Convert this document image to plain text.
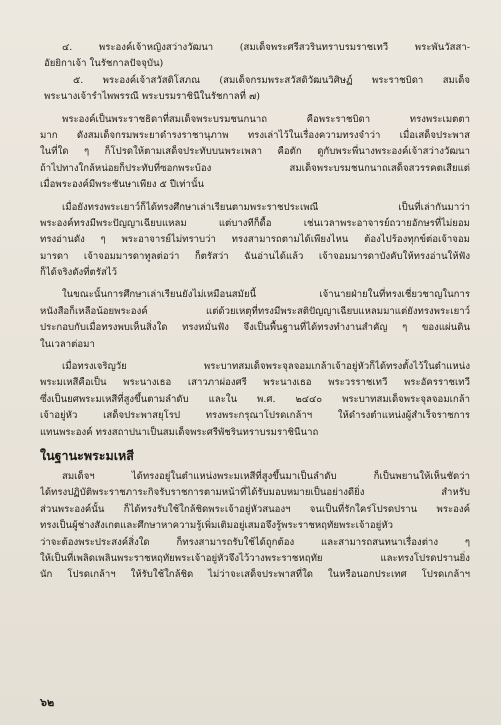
๔. พระองค์เจ้าหญิงสว่างวัฒนา (สมเด็จพระศรีสวรินทราบรมราชเทวี พระพันวัสสา-
อัยยิกาเจ้า ในรัชกาลปัจจุบัน)
๕. พระองค์เจ้าสวัสดิโสภณ (สมเด็จกรมพระสวัสดิวัฒนวิศิษฏ์ พระราชบิดา สมเด็จ
พระนางเจ้ารำไพพรรณี พระบรมราชินีในรัชกาลที่ ๗)
พระองค์เป็นพระราชธิดาที่สมเด็จพระบรมชนกนาถ คือพระราชบิดา ทรงพระเมตตา
มาก ดังสมเด็จกรมพระยาดำรงราชานุภาพ ทรงเล่าไว้ในเรื่องความทรงจำว่า เมื่อเสด็จประพาส
ในที่ใด ๆ ก็โปรดให้ตามเสด็จประทับบนพระเพลา คือตัก ดูกับพระพี่นางพระองค์เจ้าสว่างวัฒนา
ถ้าไปทางใกล้หน่อยก็ประทับที่ซอกพระบ้อง สมเด็จพระบรมชนกนาถเสด็จสวรรคตเสียแต่
เมื่อพระองค์มีพระชันษาเพียง ๕ ปีเท่านั้น
เมื่อยังทรงพระเยาว์ก็ได้ทรงศึกษาเล่าเรียนตามพระราชประเพณี เป็นที่เล่ากันมาว่า
พระองค์ทรงมีพระปัญญาเฉียบแหลม แต่บางทีก็ดื้อ เช่นเวลาพระอาจารย์ถวายอักษรที่ไม่ยอม
ทรงอ่านดัง ๆ พระอาจารย์ไม่ทราบว่า ทรงสามารถตามได้เพียงไหน ต้องไปร้องทุกข์ต่อเจ้าจอม
มารดา เจ้าจอมมารดาทูลต่อว่า ก็ตรัสว่า ฉันอ่านได้แล้ว เจ้าจอมมารดาบังคับให้ทรงอ่านให้ฟัง
ก็ได้จริงดังที่ตรัสไว้
ในขณะนั้นการศึกษาเล่าเรียนยังไม่เหมือนสมัยนี้ เจ้านายฝ่ายในที่ทรงเชี่ยวชาญในการ
หนังสือก็เหลือน้อยพระองค์ แต่ด้วยเหตุที่ทรงมีพระสติปัญญาเฉียบแหลมมาแต่ยังทรงพระเยาว์
ประกอบกับเมื่อทรงพบเห็นสิ่งใด ทรงหมั่นฟัง จึงเป็นพื้นฐานที่ได้ทรงทำงานสำคัญ ๆ ของแผ่นดิน
ในเวลาต่อมา
เมื่อทรงเจริญวัย พระบาทสมเด็จพระจุลจอมเกล้าเจ้าอยู่หัวก็ได้ทรงตั้งไว้ในตำแหน่ง
พระมเหสีคือเป็น พระนางเธอ เสาวภาผ่องศรี พระนางเธอ พระวรราชเทวี พระอัครราชเทวี
ซึ่งเป็นยศพระมเหสีที่สูงขึ้นตามลำดับ และใน พ.ศ. ๒๔๔๐ พระบาทสมเด็จพระจุลจอมเกล้า
เจ้าอยู่หัว เสด็จประพาสยุโรป ทรงพระกรุณาโปรดเกล้าฯ ให้ดำรงตำแหน่งผู้สำเร็จราชการ
แทนพระองค์ ทรงสถาปนาเป็นสมเด็จพระศรีพัชรินทราบรมราชินีนาถ
ในฐานะพระมเหสี
สมเด็จฯ ได้ทรงอยู่ในตำแหน่งพระมเหสีที่สูงขึ้นมาเป็นลำดับ ก็เป็นพยานให้เห็นชัดว่า
ได้ทรงปฏิบัติพระราชภาระกิจรับราชการตามหน้าที่ได้รับมอบหมายเป็นอย่างดียิ่ง สำหรับ
ส่วนพระองค์นั้น ก็ได้ทรงรับใช้ใกล้ชิดพระเจ้าอยู่หัวสนองฯ จนเป็นที่รักใคร่โปรดปราน พระองค์
ทรงเป็นผู้ช่างสังเกตและศึกษาหาความรู้เพิ่มเติมอยู่เสมอจึงรู้พระราชหฤทัยพระเจ้าอยู่หัว
ว่าจะต้องพระประสงค์สิ่งใด ก็ทรงสามารถรับใช้ได้ถูกต้อง และสามารถสนทนาเรื่องต่าง ๆ
ให้เป็นที่เพลิดเพลินพระราชหฤทัยพระเจ้าอยู่หัวจึงไว้วางพระราชหฤทัย และทรงโปรดปรานยิ่ง
นัก โปรดเกล้าฯ ให้รับใช้ใกล้ชิด ไม่ว่าจะเสด็จประพาสที่ใด ในหรือนอกประเทศ โปรดเกล้าฯ
๖๒
